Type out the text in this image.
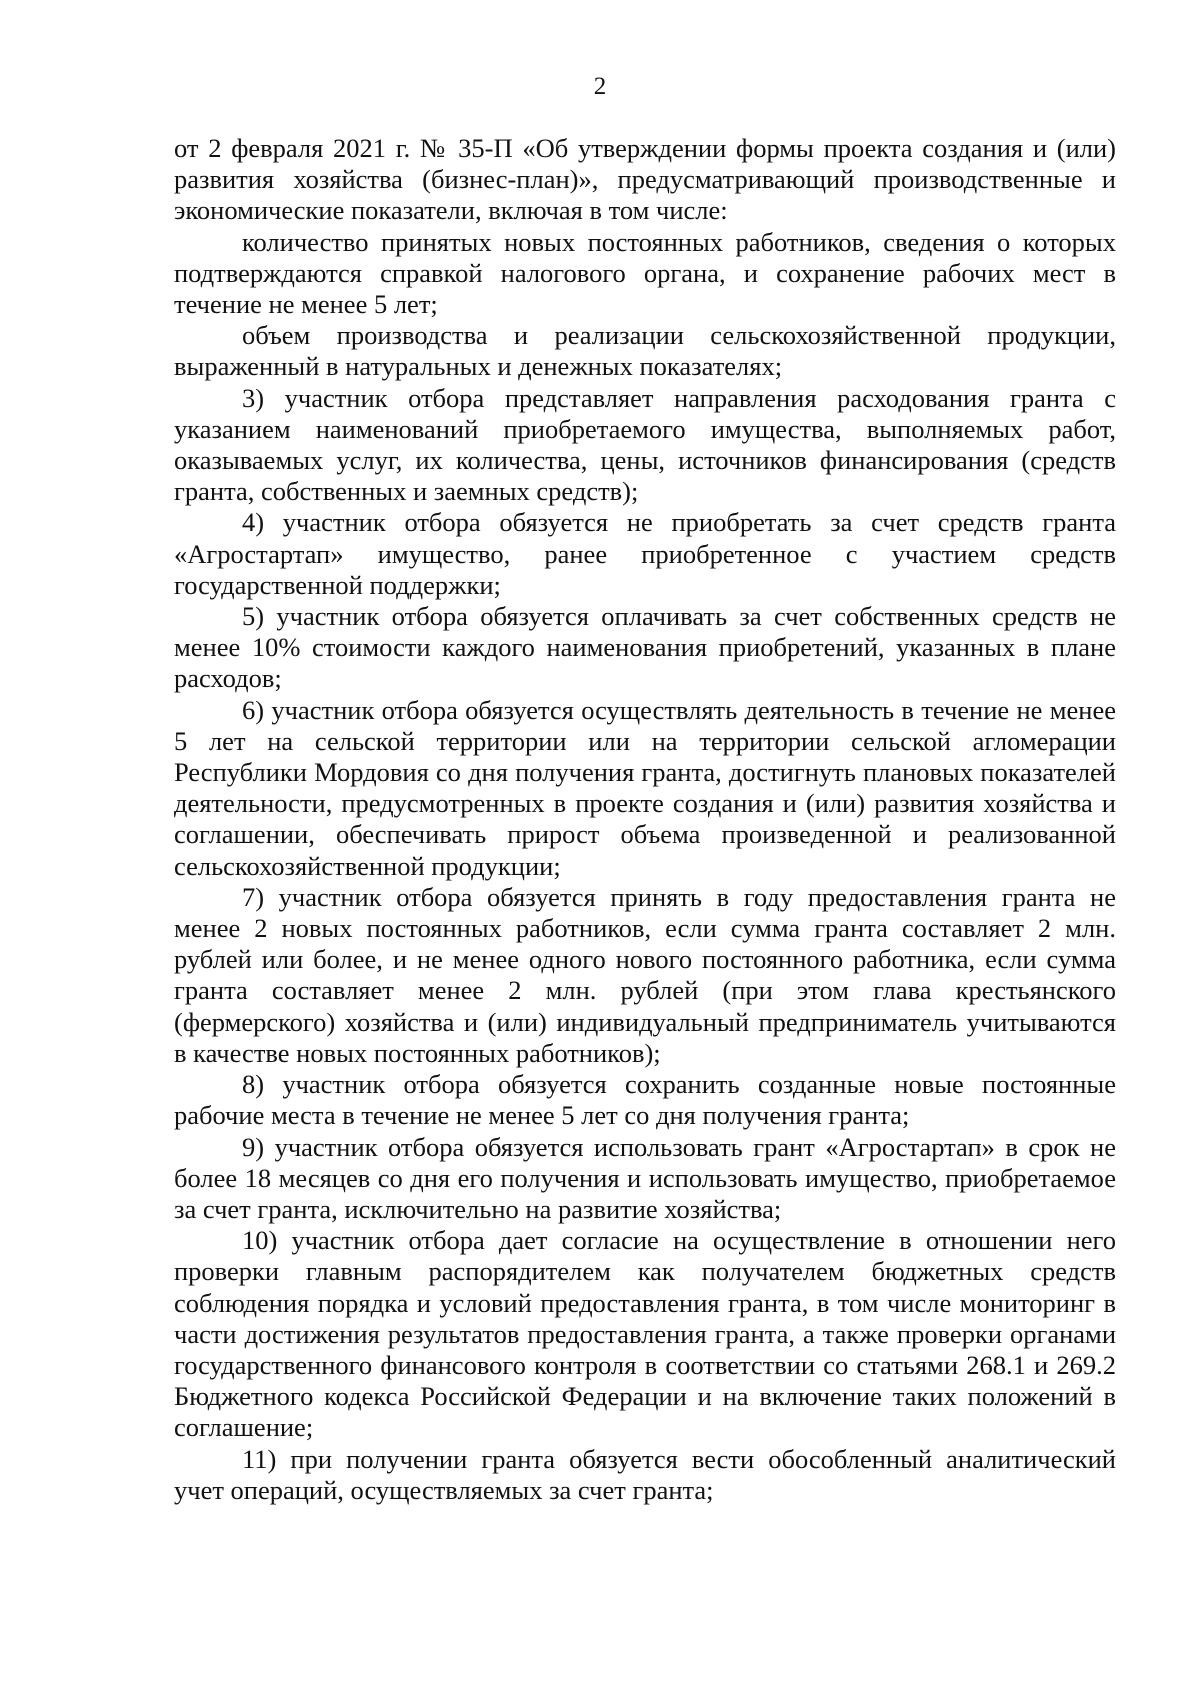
2

от 2 февраля 2021 г. № 35-П «Об утверждении формы проекта создания и (или) развития хозяйства (бизнес-план)», предусматривающий производственные и экономические показатели, включая в том числе:

количество принятых новых постоянных работников, сведения о которых подтверждаются справкой налогового органа, и сохранение рабочих мест в течение не менее 5 лет;

объем производства и реализации сельскохозяйственной продукции, выраженный в натуральных и денежных показателях;

3) участник отбора представляет направления расходования гранта с указанием наименований приобретаемого имущества, выполняемых работ, оказываемых услуг, их количества, цены, источников финансирования (средств гранта, собственных и заемных средств);

4) участник отбора обязуется не приобретать за счет средств гранта «Агростартап» имущество, ранее приобретенное с участием средств государственной поддержки;

5) участник отбора обязуется оплачивать за счет собственных средств не менее 10% стоимости каждого наименования приобретений, указанных в плане расходов;

6) участник отбора обязуется осуществлять деятельность в течение не менее 5 лет на сельской территории или на территории сельской агломерации Республики Мордовия со дня получения гранта, достигнуть плановых показателей деятельности, предусмотренных в проекте создания и (или) развития хозяйства и соглашении, обеспечивать прирост объема произведенной и реализованной сельскохозяйственной продукции;

7) участник отбора обязуется принять в году предоставления гранта не менее 2 новых постоянных работников, если сумма гранта составляет 2 млн. рублей или более, и не менее одного нового постоянного работника, если сумма гранта составляет менее 2 млн. рублей (при этом глава крестьянского (фермерского) хозяйства и (или) индивидуальный предприниматель учитываются в качестве новых постоянных работников);

8) участник отбора обязуется сохранить созданные новые постоянные рабочие места в течение не менее 5 лет со дня получения гранта;

9) участник отбора обязуется использовать грант «Агростартап» в срок не более 18 месяцев со дня его получения и использовать имущество, приобретаемое за счет гранта, исключительно на развитие хозяйства;

10) участник отбора дает согласие на осуществление в отношении него проверки главным распорядителем как получателем бюджетных средств соблюдения порядка и условий предоставления гранта, в том числе мониторинг в части достижения результатов предоставления гранта, а также проверки органами государственного финансового контроля в соответствии со статьями 268.1 и 269.2 Бюджетного кодекса Российской Федерации и на включение таких положений в соглашение;

11) при получении гранта обязуется вести обособленный аналитический учет операций, осуществляемых за счет гранта;
